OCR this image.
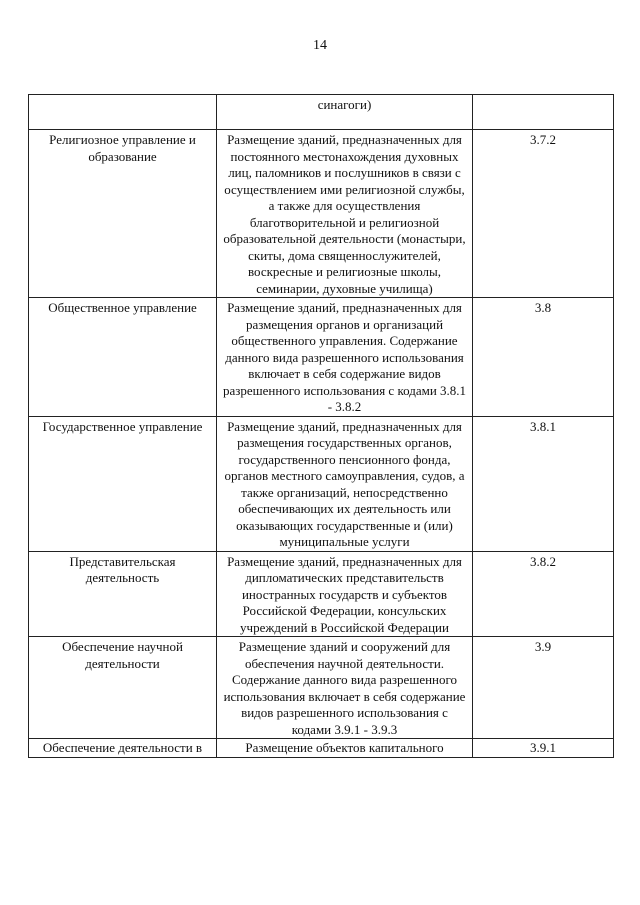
14
	синагоги)	
Религиозное управление и образование	Размещение зданий, предназначенных для постоянного местонахождения духовных лиц, паломников и послушников в связи с осуществлением ими религиозной службы, а также для осуществления благотворительной и религиозной образовательной деятельности (монастыри, скиты, дома священнослужителей, воскресные и религиозные школы, семинарии, духовные училища)	3.7.2
Общественное управление	Размещение зданий, предназначенных для размещения органов и организаций общественного управления. Содержание данного вида разрешенного использования включает в себя содержание видов разрешенного использования с кодами 3.8.1 - 3.8.2	3.8
Государственное управление	Размещение зданий, предназначенных для размещения государственных органов, государственного пенсионного фонда, органов местного самоуправления, судов, а также организаций, непосредственно обеспечивающих их деятельность или оказывающих государственные и (или) муниципальные услуги	3.8.1
Представительская деятельность	Размещение зданий, предназначенных для дипломатических представительств иностранных государств и субъектов Российской Федерации, консульских учреждений в Российской Федерации	3.8.2
Обеспечение научной деятельности	Размещение зданий и сооружений для обеспечения научной деятельности. Содержание данного вида разрешенного использования включает в себя содержание видов разрешенного использования с кодами 3.9.1 - 3.9.3	3.9
Обеспечение деятельности в	Размещение объектов капитального	3.9.1
